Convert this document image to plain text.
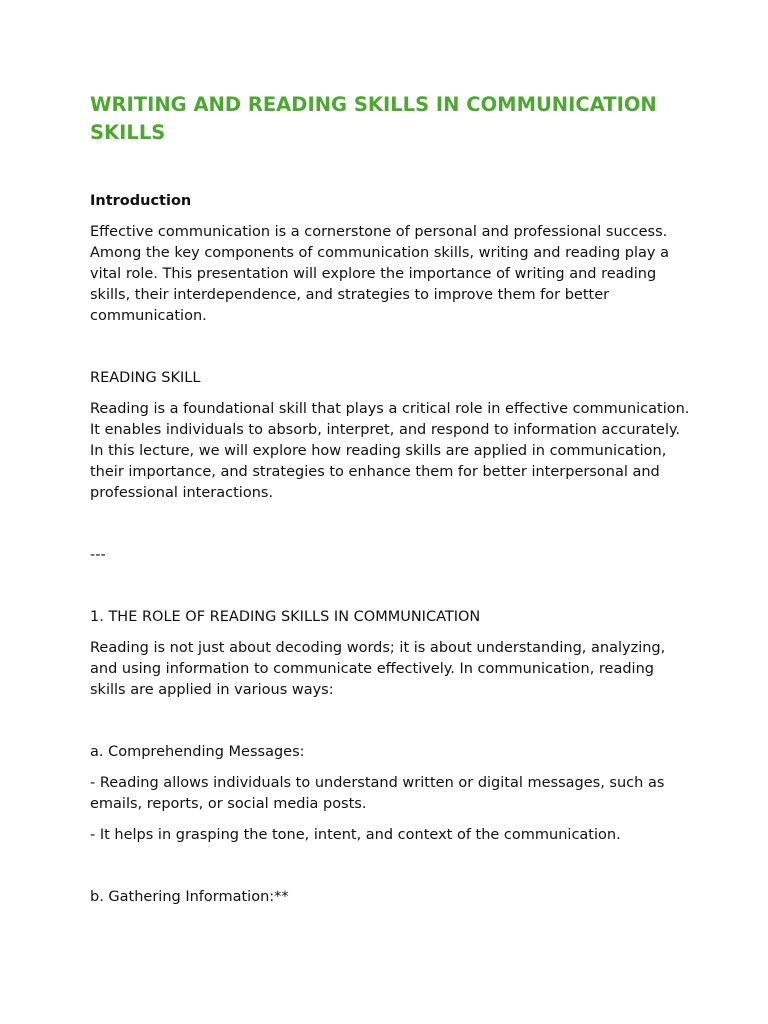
WRITING AND READING SKILLS IN COMMUNICATION SKILLS
Introduction

Effective communication is a cornerstone of personal and professional success. Among the key components of communication skills, writing and reading play a vital role. This presentation will explore the importance of writing and reading skills, their interdependence, and strategies to improve them for better communication.

READING SKILL

Reading is a foundational skill that plays a critical role in effective communication. It enables individuals to absorb, interpret, and respond to information accurately. In this lecture, we will explore how reading skills are applied in communication, their importance, and strategies to enhance them for better interpersonal and professional interactions.

---

1. THE ROLE OF READING SKILLS IN COMMUNICATION

Reading is not just about decoding words; it is about understanding, analyzing, and using information to communicate effectively. In communication, reading skills are applied in various ways:

a. Comprehending Messages:

- Reading allows individuals to understand written or digital messages, such as emails, reports, or social media posts.

- It helps in grasping the tone, intent, and context of the communication.

b. Gathering Information:**
